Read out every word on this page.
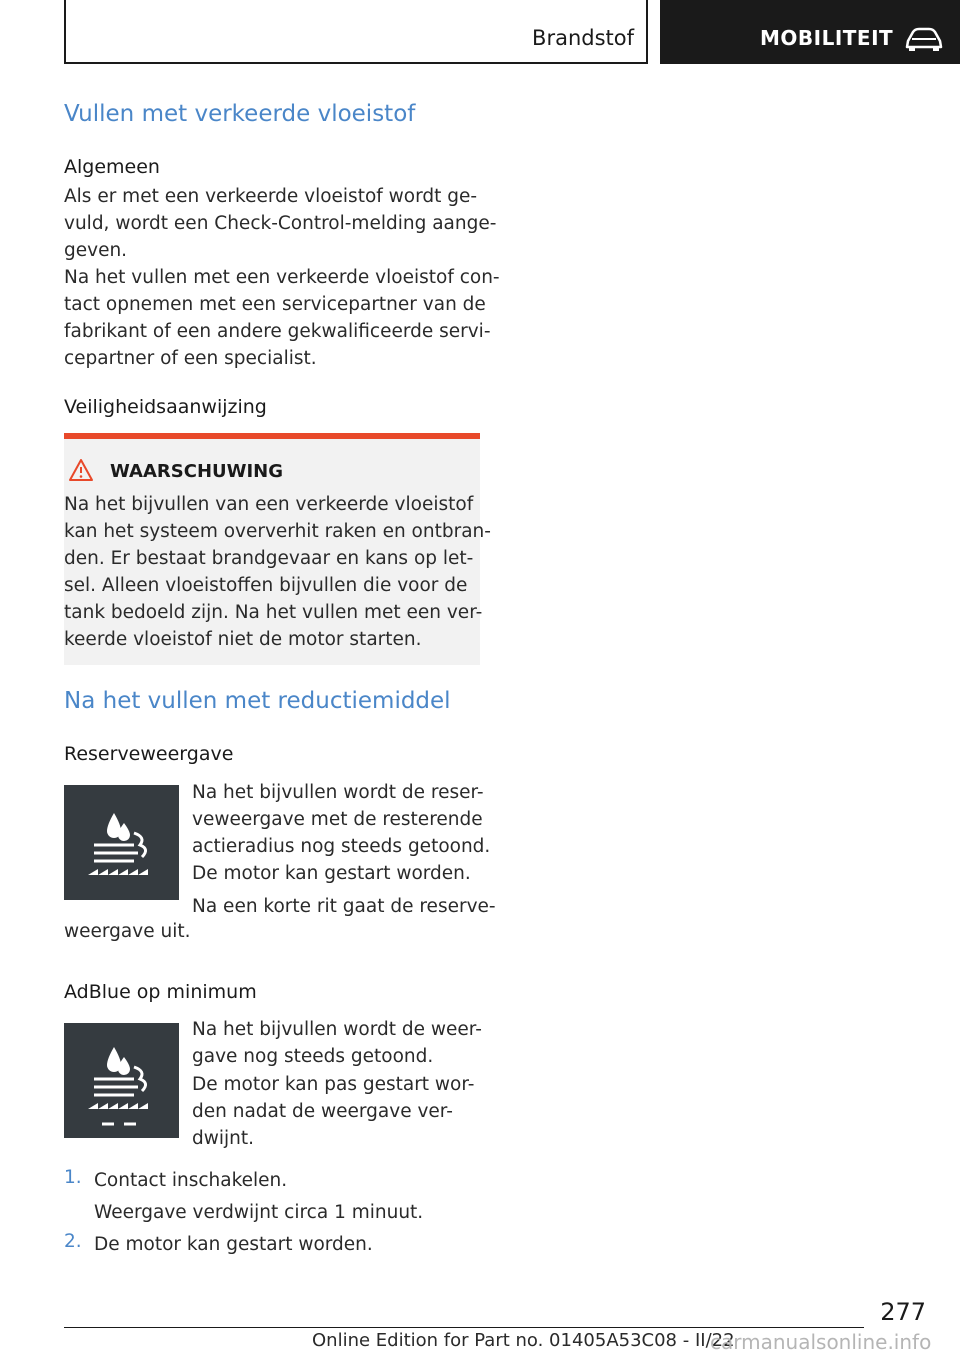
Brandstof	MOBILITEIT
Vullen met verkeerde vloeistof
Algemeen
Als er met een verkeerde vloeistof wordt ge-
vuld, wordt een Check-Control-melding aange-
geven.
Na het vullen met een verkeerde vloeistof con-
tact opnemen met een servicepartner van de
fabrikant of een andere gekwalificeerde servi-
cepartner of een specialist.
Veiligheidsaanwijzing
WAARSCHUWING
Na het bijvullen van een verkeerde vloeistof
kan het systeem oververhit raken en ontbran-
den. Er bestaat brandgevaar en kans op let-
sel. Alleen vloeistoffen bijvullen die voor de
tank bedoeld zijn. Na het vullen met een ver-
keerde vloeistof niet de motor starten.
Na het vullen met reductiemiddel
Reserveweergave
Na het bijvullen wordt de reser-
veweergave met de resterende
actieradius nog steeds getoond.
De motor kan gestart worden.
Na een korte rit gaat de reserve-
weergave uit.
AdBlue op minimum
Na het bijvullen wordt de weer-
gave nog steeds getoond.
De motor kan pas gestart wor-
den nadat de weergave ver-
dwijnt.
1. Contact inschakelen.
Weergave verdwijnt circa 1 minuut.
2. De motor kan gestart worden.
277
Online Edition for Part no. 01405A53C08 - II/22
carmanualsonline.info
